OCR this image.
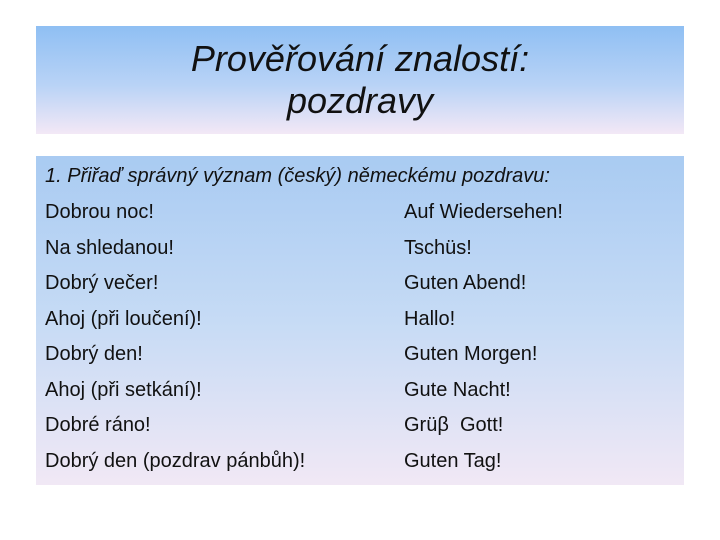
Prověřování znalostí:
pozdravy
1. Přiřaď správný význam (český) německému pozdravu:
Dobrou noc!
Na shledanou!
Dobrý večer!
Ahoj (při loučení)!
Dobrý den!
Ahoj (při setkání)!
Dobré ráno!
Dobrý den (pozdrav pánbůh)!
Auf Wiedersehen!
Tschüs!
Guten Abend!
Hallo!
Guten Morgen!
Gute Nacht!
Grüβ  Gott!
Guten Tag!
